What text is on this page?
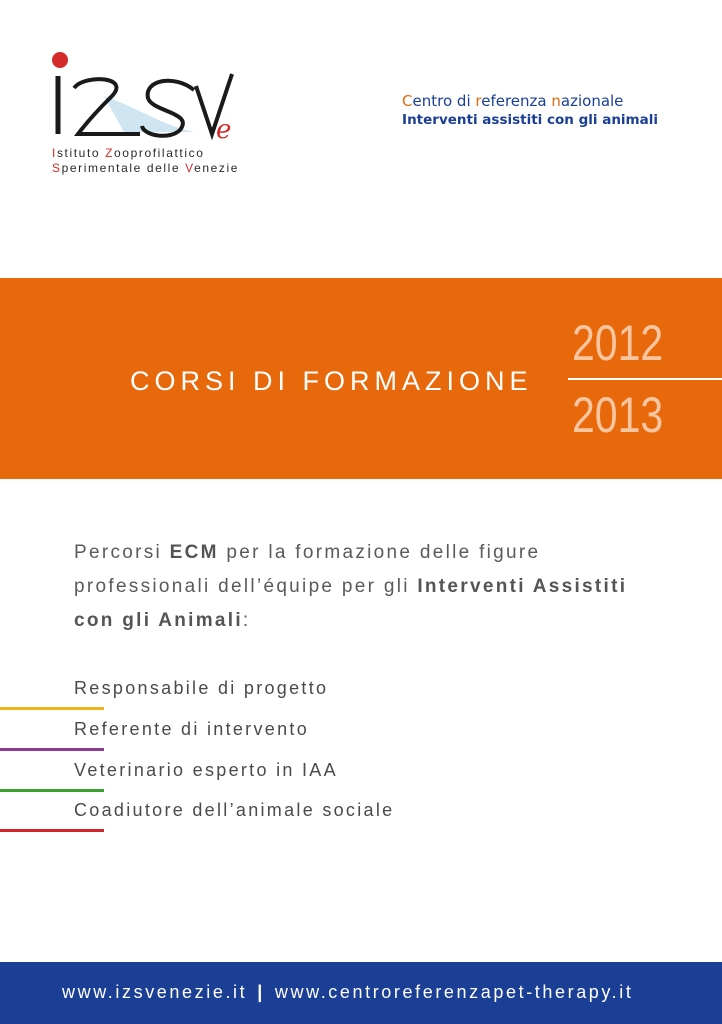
e
Istituto Zooprofilattico
Sperimentale delle Venezie
Centro di referenza nazionale
Interventi assistiti con gli animali
CORSI DI FORMAZIONE
2012
2013
Percorsi ECM per la formazione delle figure professionali dell’équipe per gli Interventi Assistiti con gli Animali:
Responsabile di progetto
Referente di intervento
Veterinario esperto in IAA
Coadiutore dell’animale sociale
www.izsvenezie.it | www.centroreferenzapet-therapy.it
